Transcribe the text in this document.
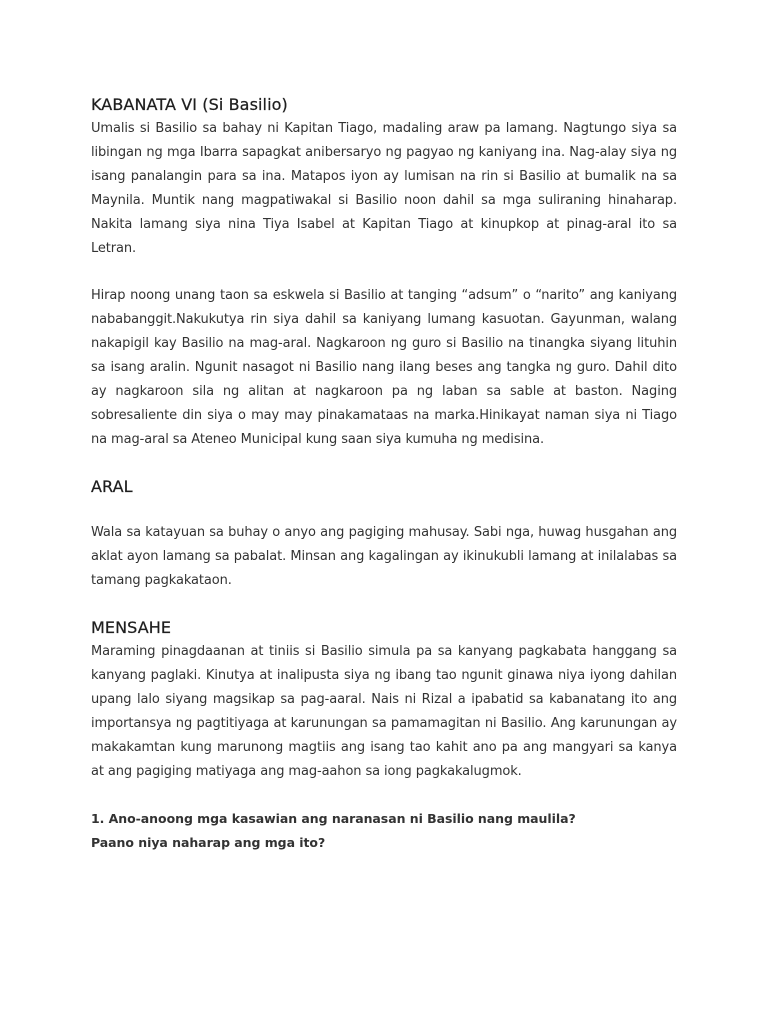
KABANATA VI (Si Basilio)

Umalis si Basilio sa bahay ni Kapitan Tiago, madaling araw pa lamang. Nagtungo siya sa libingan ng mga Ibarra sapagkat anibersaryo ng pagyao ng kaniyang ina. Nag-alay siya ng isang panalangin para sa ina. Matapos iyon ay lumisan na rin si Basilio at bumalik na sa Maynila. Muntik nang magpatiwakal si Basilio noon dahil sa mga suliraning hinaharap. Nakita lamang siya nina Tiya Isabel at Kapitan Tiago at kinupkop at pinag-aral ito sa Letran.

Hirap noong unang taon sa eskwela si Basilio at tanging “adsum” o “narito” ang kaniyang nababanggit.Nakukutya rin siya dahil sa kaniyang lumang kasuotan. Gayunman, walang nakapigil kay Basilio na mag-aral. Nagkaroon ng guro si Basilio na tinangka siyang lituhin sa isang aralin. Ngunit nasagot ni Basilio nang ilang beses ang tangka ng guro. Dahil dito ay nagkaroon sila ng alitan at nagkaroon pa ng laban sa sable at baston. Naging sobresaliente din siya o may may pinakamataas na marka.Hinikayat naman siya ni Tiago na mag-aral sa Ateneo Municipal kung saan siya kumuha ng medisina.

ARAL

Wala sa katayuan sa buhay o anyo ang pagiging mahusay. Sabi nga, huwag husgahan ang aklat ayon lamang sa pabalat. Minsan ang kagalingan ay ikinukubli lamang at inilalabas sa tamang pagkakataon.

MENSAHE

Maraming pinagdaanan at tiniis si Basilio simula pa sa kanyang pagkabata hanggang sa kanyang paglaki. Kinutya at inalipusta siya ng ibang tao ngunit ginawa niya iyong dahilan upang lalo siyang magsikap sa pag-aaral. Nais ni Rizal a ipabatid sa kabanatang ito ang importansya ng pagtitiyaga at karunungan sa pamamagitan ni Basilio. Ang karunungan ay makakamtan kung marunong magtiis ang isang tao kahit ano pa ang mangyari sa kanya at ang pagiging matiyaga ang mag-aahon sa iong pagkakalugmok.

1. Ano-anoong mga kasawian ang naranasan ni Basilio nang maulila?

Paano niya naharap ang mga ito?
